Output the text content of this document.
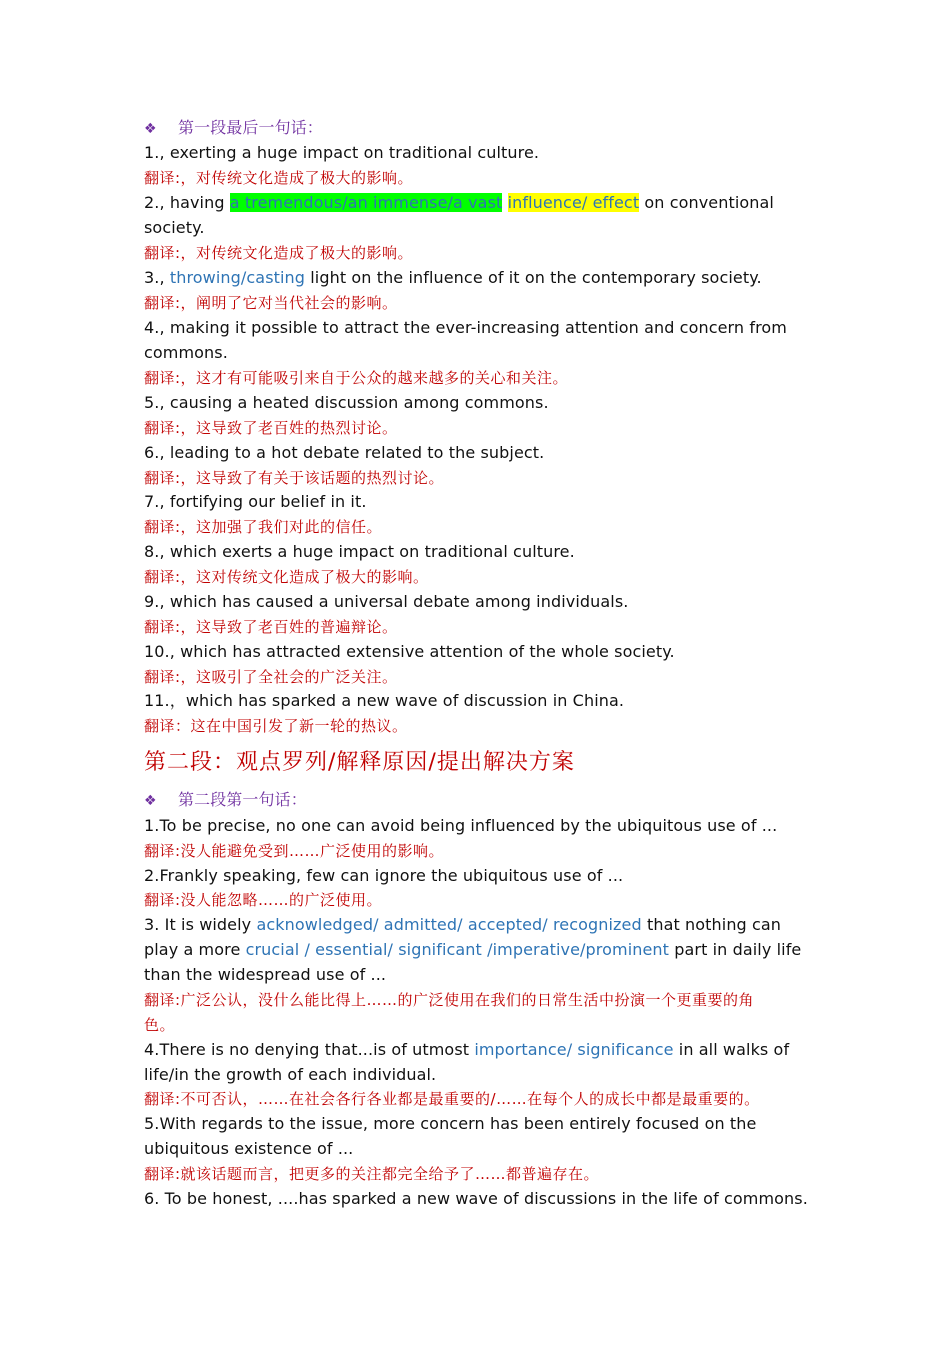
❖ 第一段最后一句话：
1., exerting a huge impact on traditional culture.
翻译:，对传统文化造成了极大的影响。
2., having a tremendous/an immense/a vast influence/ effect on conventional
society.
翻译:，对传统文化造成了极大的影响。
3., throwing/casting light on the influence of it on the contemporary society.
翻译:，阐明了它对当代社会的影响。
4., making it possible to attract the ever-increasing attention and concern from
commons.
翻译:，这才有可能吸引来自于公众的越来越多的关心和关注。
5., causing a heated discussion among commons.
翻译:，这导致了老百姓的热烈讨论。
6., leading to a hot debate related to the subject.
翻译:，这导致了有关于该话题的热烈讨论。
7., fortifying our belief in it.
翻译:，这加强了我们对此的信任。
8., which exerts a huge impact on traditional culture.
翻译:，这对传统文化造成了极大的影响。
9., which has caused a universal debate among individuals.
翻译:，这导致了老百姓的普遍辩论。
10., which has attracted extensive attention of the whole society.
翻译:，这吸引了全社会的广泛关注。
11.，which has sparked a new wave of discussion in China.
翻译：这在中国引发了新一轮的热议。
第二段：观点罗列/解释原因/提出解决方案
❖ 第二段第一句话：
1.To be precise, no one can avoid being influenced by the ubiquitous use of ...
翻译:没人能避免受到……广泛使用的影响。
2.Frankly speaking, few can ignore the ubiquitous use of ...
翻译:没人能忽略……的广泛使用。
3. It is widely acknowledged/ admitted/ accepted/ recognized that nothing can
play a more crucial / essential/ significant /imperative/prominent part in daily life
than the widespread use of ...
翻译:广泛公认，没什么能比得上……的广泛使用在我们的日常生活中扮演一个更重要的角
色。
4.There is no denying that...is of utmost importance/ significance in all walks of
life/in the growth of each individual.
翻译:不可否认，……在社会各行各业都是最重要的/……在每个人的成长中都是最重要的。
5.With regards to the issue, more concern has been entirely focused on the
ubiquitous existence of ...
翻译:就该话题而言，把更多的关注都完全给予了……都普遍存在。
6. To be honest, ....has sparked a new wave of discussions in the life of commons.
